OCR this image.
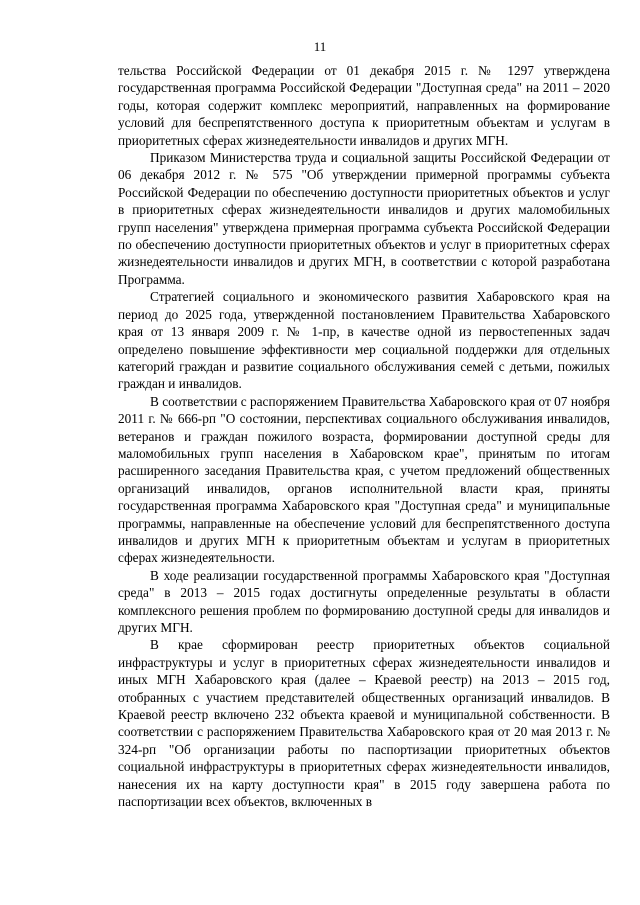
11

тельства Российской Федерации от 01 декабря 2015 г. № 1297 утверждена государственная программа Российской Федерации "Доступная среда" на 2011 – 2020 годы, которая содержит комплекс мероприятий, направленных на формирование условий для беспрепятственного доступа к приоритетным объектам и услугам в приоритетных сферах жизнедеятельности инвалидов и других МГН.

Приказом Министерства труда и социальной защиты Российской Федерации от 06 декабря 2012 г. № 575 "Об утверждении примерной программы субъекта Российской Федерации по обеспечению доступности приоритетных объектов и услуг в приоритетных сферах жизнедеятельности инвалидов и других маломобильных групп населения" утверждена примерная программа субъекта Российской Федерации по обеспечению доступности приоритетных объектов и услуг в приоритетных сферах жизнедеятельности инвалидов и других МГН, в соответствии с которой разработана Программа.

Стратегией социального и экономического развития Хабаровского края на период до 2025 года, утвержденной постановлением Правительства Хабаровского края от 13 января 2009 г. № 1-пр, в качестве одной из первостепенных задач определено повышение эффективности мер социальной поддержки для отдельных категорий граждан и развитие социального обслуживания семей с детьми, пожилых граждан и инвалидов.

В соответствии с распоряжением Правительства Хабаровского края от 07 ноября 2011 г. № 666-рп "О состоянии, перспективах социального обслуживания инвалидов, ветеранов и граждан пожилого возраста, формировании доступной среды для маломобильных групп населения в Хабаровском крае", принятым по итогам расширенного заседания Правительства края, с учетом предложений общественных организаций инвалидов, органов исполнительной власти края, приняты государственная программа Хабаровского края "Доступная среда" и муниципальные программы, направленные на обеспечение условий для беспрепятственного доступа инвалидов и других МГН к приоритетным объектам и услугам в приоритетных сферах жизнедеятельности.

В ходе реализации государственной программы Хабаровского края "Доступная среда" в 2013 – 2015 годах достигнуты определенные результаты в области комплексного решения проблем по формированию доступной среды для инвалидов и других МГН.

В крае сформирован реестр приоритетных объектов социальной инфраструктуры и услуг в приоритетных сферах жизнедеятельности инвалидов и иных МГН Хабаровского края (далее – Краевой реестр) на 2013 – 2015 год, отобранных с участием представителей общественных организаций инвалидов. В Краевой реестр включено 232 объекта краевой и муниципальной собственности. В соответствии с распоряжением Правительства Хабаровского края от 20 мая 2013 г. № 324-рп "Об организации работы по паспортизации приоритетных объектов социальной инфраструктуры в приоритетных сферах жизнедеятельности инвалидов, нанесения их на карту доступности края" в 2015 году завершена работа по паспортизации всех объектов, включенных в
